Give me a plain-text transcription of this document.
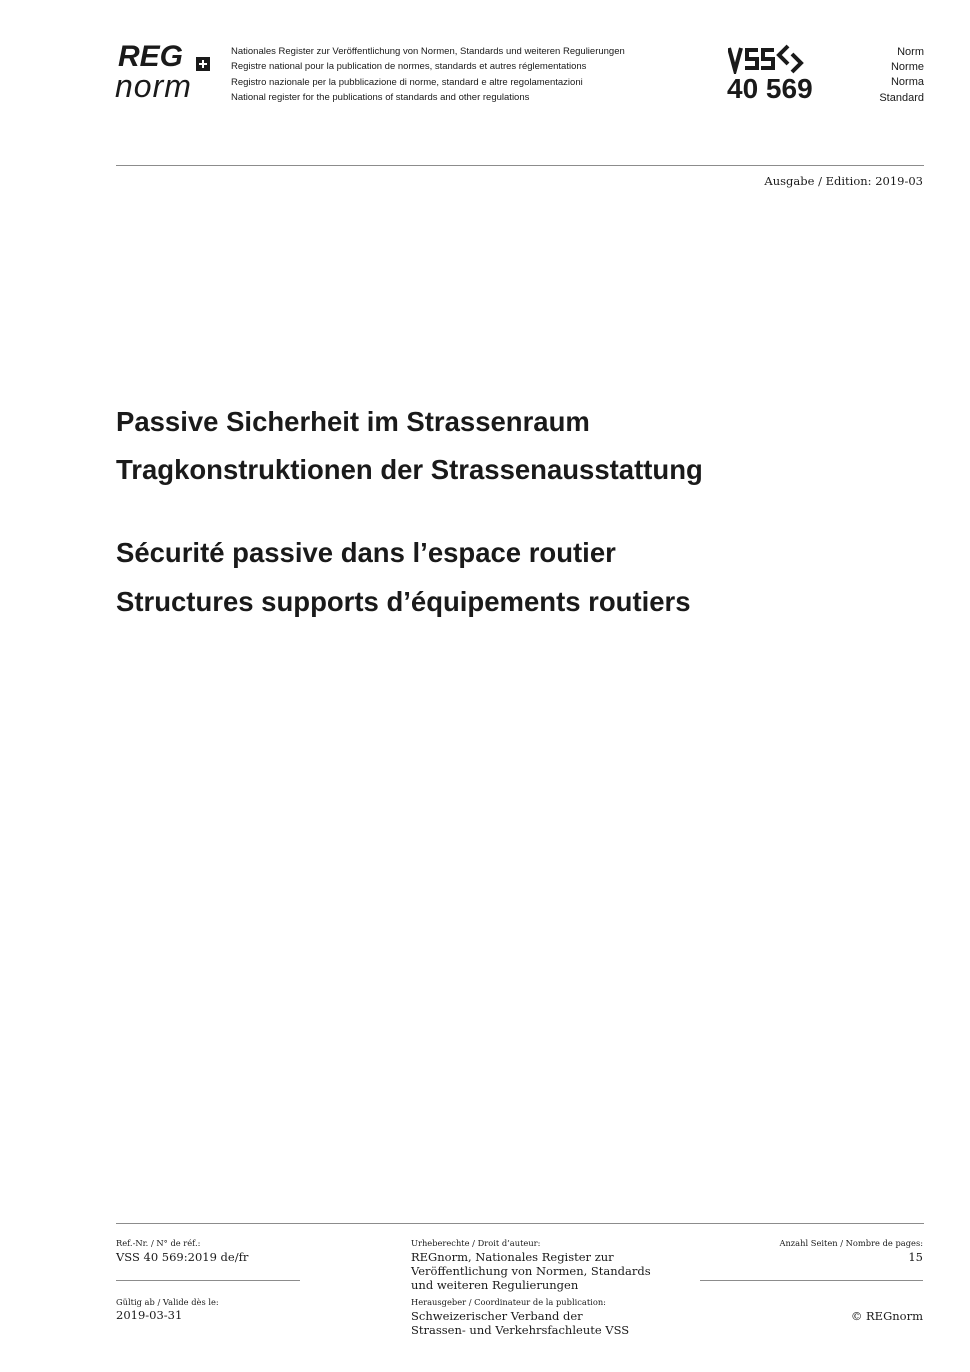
REG
norm
Nationales Register zur Veröffentlichung von Normen, Standards und weiteren Regulierungen
Registre national pour la publication de normes, standards et autres réglementations
Registro nazionale per la pubblicazione di norme, standard e altre regolamentazioni
National register for the publications of standards and other regulations	40 569
Norm
Norme
Norma
Standard
Ausgabe / Edition: 2019-03
Passive Sicherheit im Strassenraum
Tragkonstruktionen der Strassenausstattung
Sécurité passive dans l’espace routier
Structures supports d’équipements routiers
Ref.-Nr. / N° de réf.:
VSS 40 569:2019 de/fr
Gültig ab / Valide dès le:
2019-03-31
Urheberechte / Droit d’auteur:
REGnorm, Nationales Register zur
Veröffentlichung von Normen, Standards
und weiteren Regulierungen
Herausgeber / Coordinateur de la publication:
Schweizerischer Verband der
Strassen- und Verkehrsfachleute VSS
Anzahl Seiten / Nombre de pages:
15
© REGnorm
